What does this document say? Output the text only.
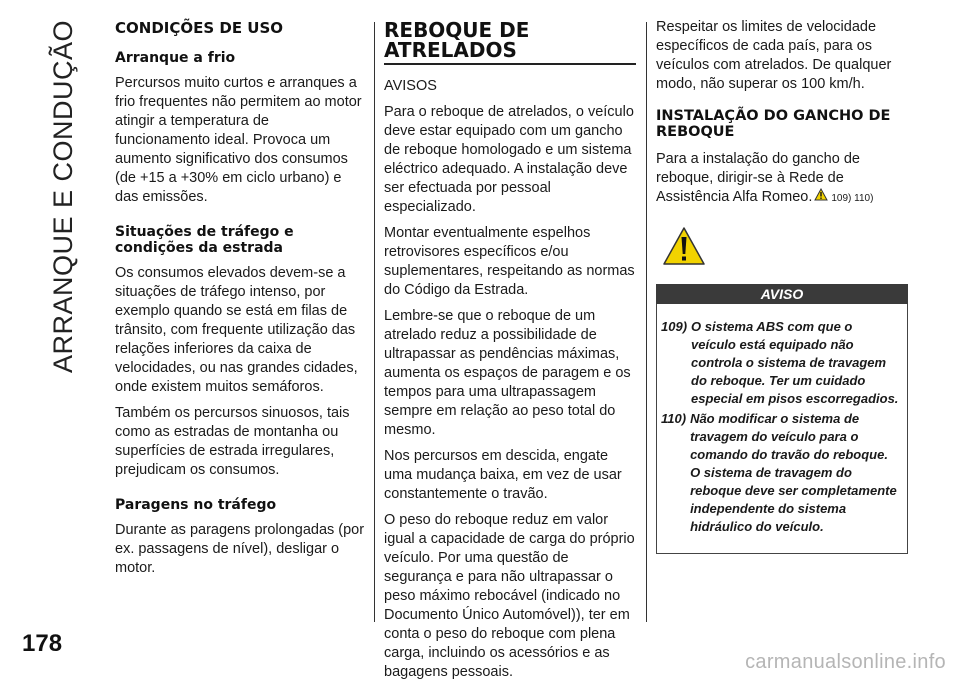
ARRANQUE E CONDUÇÃO CONDIÇÕES DE USO
Arranque a frio

Percursos muito curtos e arranques a frio frequentes não permitem ao motor atingir a temperatura de funcionamento ideal. Provoca um aumento significativo dos consumos (de +15 a +30% em ciclo urbano) e das emissões.

Situações de tráfego e condições da estrada

Os consumos elevados devem-se a situações de tráfego intenso, por exemplo quando se está em filas de trânsito, com frequente utilização das relações inferiores da caixa de velocidades, ou nas grandes cidades, onde existem muitos semáforos.

Também os percursos sinuosos, tais como as estradas de montanha ou superfícies de estrada irregulares, prejudicam os consumos.

Paragens no tráfego

Durante as paragens prolongadas (por ex. passagens de nível), desligar o motor.

REBOQUE DE ATRELADOS

AVISOS

Para o reboque de atrelados, o veículo deve estar equipado com um gancho de reboque homologado e um sistema eléctrico adequado. A instalação deve ser efectuada por pessoal especializado.

Montar eventualmente espelhos retrovisores específicos e/ou suplementares, respeitando as normas do Código da Estrada.

Lembre-se que o reboque de um atrelado reduz a possibilidade de ultrapassar as pendências máximas, aumenta os espaços de paragem e os tempos para uma ultrapassagem sempre em relação ao peso total do mesmo.

Nos percursos em descida, engate uma mudança baixa, em vez de usar constantemente o travão.

O peso do reboque reduz em valor igual a capacidade de carga do próprio veículo. Por uma questão de segurança e para não ultrapassar o peso máximo rebocável (indicado no Documento Único Automóvel)), ter em conta o peso do reboque com plena carga, incluindo os acessórios e as bagagens pessoais.

Respeitar os limites de velocidade específicos de cada país, para os veículos com atrelados. De qualquer modo, não superar os 100 km/h.

INSTALAÇÃO DO GANCHO DE REBOQUE

Para a instalação do gancho de reboque, dirigir-se à Rede de Assistência Alfa Romeo. 109) 110)

AVISO
109) O sistema ABS com que o veículo está equipado não controla o sistema de travagem do reboque. Ter um cuidado especial em pisos escorregadios.
110) Não modificar o sistema de travagem do veículo para o comando do travão do reboque. O sistema de travagem do reboque deve ser completamente independente do sistema hidráulico do veículo.
178
carmanualsonline.info
